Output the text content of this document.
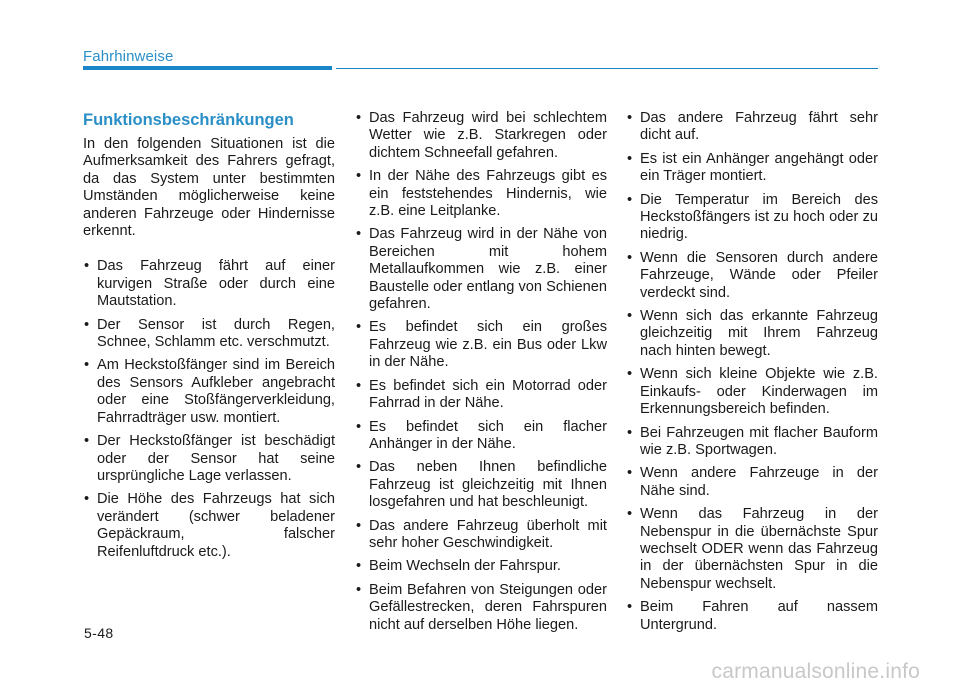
Fahrhinweise
Funktionsbeschränkungen
In den folgenden Situationen ist die Aufmerksamkeit des Fahrers gefragt, da das System unter bestimmten Umständen möglicherweise keine anderen Fahrzeuge oder Hindernisse erkennt.
• Das Fahrzeug fährt auf einer kurvigen Straße oder durch eine Mautstation.
• Der Sensor ist durch Regen, Schnee, Schlamm etc. verschmutzt.
• Am Heckstoßfänger sind im Bereich des Sensors Aufkleber angebracht oder eine Stoßfängerverkleidung, Fahrradträger usw. montiert.
• Der Heckstoßfänger ist beschädigt oder der Sensor hat seine ursprüngliche Lage verlassen.
• Die Höhe des Fahrzeugs hat sich verändert (schwer beladener Gepäckraum, falscher Reifenluftdruck etc.).
• Das Fahrzeug wird bei schlechtem Wetter wie z.B. Starkregen oder dichtem Schneefall gefahren.
• In der Nähe des Fahrzeugs gibt es ein feststehendes Hindernis, wie z.B. eine Leitplanke.
• Das Fahrzeug wird in der Nähe von Bereichen mit hohem Metallaufkommen wie z.B. einer Baustelle oder entlang von Schienen gefahren.
• Es befindet sich ein großes Fahrzeug wie z.B. ein Bus oder Lkw in der Nähe.
• Es befindet sich ein Motorrad oder Fahrrad in der Nähe.
• Es befindet sich ein flacher Anhänger in der Nähe.
• Das neben Ihnen befindliche Fahrzeug ist gleichzeitig mit Ihnen losgefahren und hat beschleunigt.
• Das andere Fahrzeug überholt mit sehr hoher Geschwindigkeit.
• Beim Wechseln der Fahrspur.
• Beim Befahren von Steigungen oder Gefällestrecken, deren Fahrspuren nicht auf derselben Höhe liegen.
• Das andere Fahrzeug fährt sehr dicht auf.
• Es ist ein Anhänger angehängt oder ein Träger montiert.
• Die Temperatur im Bereich des Heckstoßfängers ist zu hoch oder zu niedrig.
• Wenn die Sensoren durch andere Fahrzeuge, Wände oder Pfeiler verdeckt sind.
• Wenn sich das erkannte Fahrzeug gleichzeitig mit Ihrem Fahrzeug nach hinten bewegt.
• Wenn sich kleine Objekte wie z.B. Einkaufs- oder Kinderwagen im Erkennungsbereich befinden.
• Bei Fahrzeugen mit flacher Bauform wie z.B. Sportwagen.
• Wenn andere Fahrzeuge in der Nähe sind.
• Wenn das Fahrzeug in der Nebenspur in die übernächste Spur wechselt ODER wenn das Fahrzeug in der übernächsten Spur in die Nebenspur wechselt.
• Beim Fahren auf nassem Untergrund.
5-48
carmanualsonline.info
